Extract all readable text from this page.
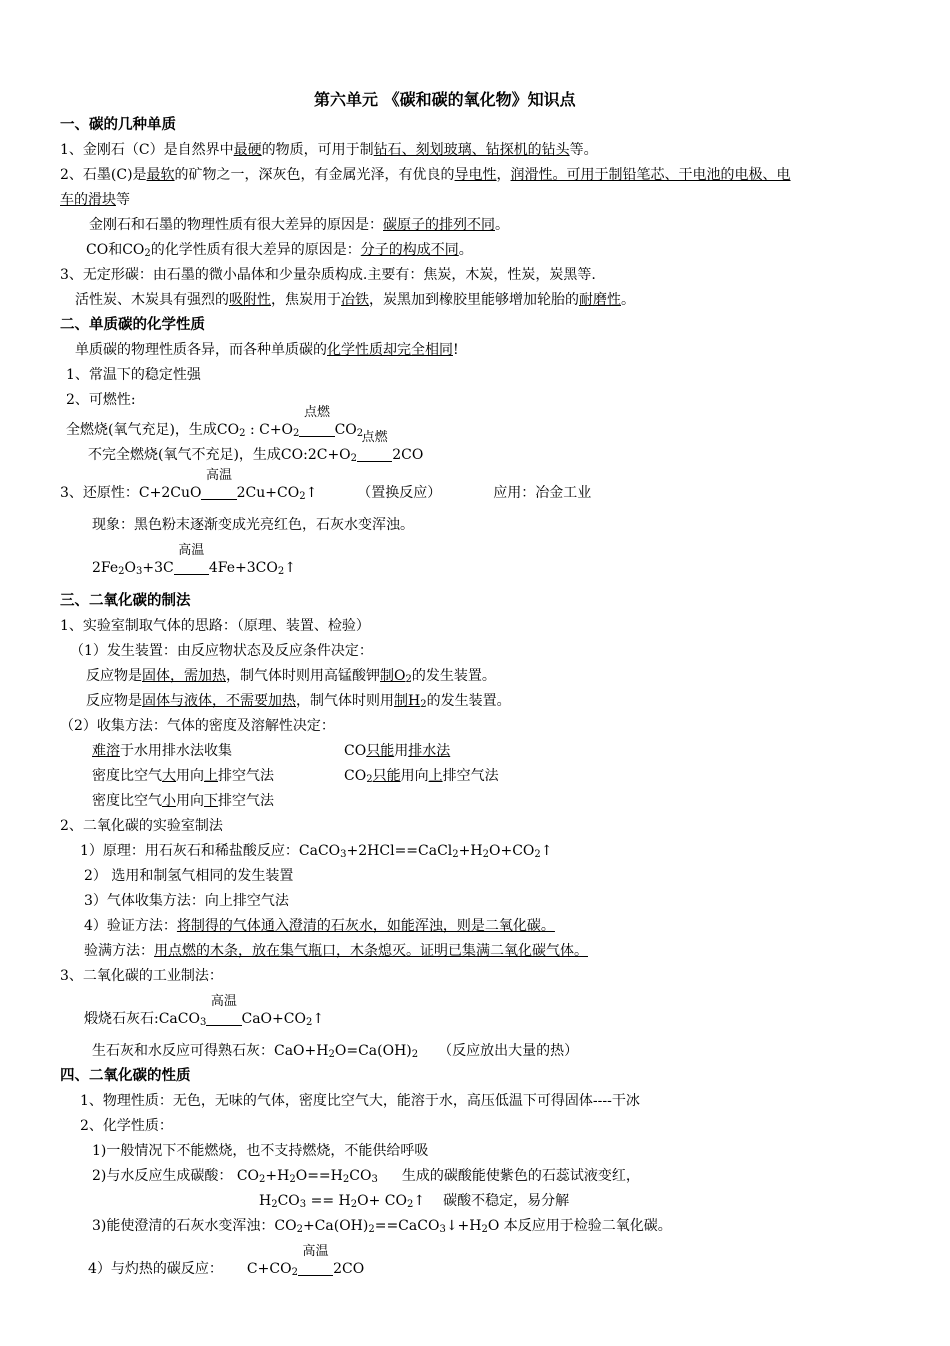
第六单元 《碳和碳的氧化物》知识点
一、碳的几种单质
1、金刚石（C）是自然界中最硬的物质，可用于制钻石、刻划玻璃、钻探机的钻头等。
2、石墨(C)是最软的矿物之一，深灰色，有金属光泽，有优良的导电性，润滑性。可用于制铅笔芯、干电池的电极、电
车的滑块等
金刚石和石墨的物理性质有很大差异的原因是：碳原子的排列不同。
CO和$CO_2$的化学性质有很大差异的原因是：分子的构成不同。
3、无定形碳：由石墨的微小晶体和少量杂质构成.主要有：焦炭，木炭，性炭，炭黑等.
活性炭、木炭具有强烈的吸附性，焦炭用于冶铁，炭黑加到橡胶里能够增加轮胎的耐磨性。
二、单质碳的化学性质
单质碳的物理性质各异，而各种单质碳的化学性质却完全相同!
1、常温下的稳定性强
2、可燃性:
全燃烧(氧气充足)，生成$CO_2$ : $C+O_2$
点燃
$CO_2$
不完全燃烧(氧气不充足)，生成$CO:2C+O_2$
点燃
2CO
3、还原性：C+2CuO
高温
$2Cu+CO_2↑$	（置换反应）	应用：冶金工业
现象：黑色粉末逐渐变成光亮红色，石灰水变浑浊。
$2Fe_2O_3+3C$
高温
$4Fe+3CO_2↑$
三、二氧化碳的制法
1、实验室制取气体的思路：（原理、装置、检验）
（1）发生装置：由反应物状态及反应条件决定：
反应物是固体，需加热，制气体时则用高锰酸钾制$O_2$的发生装置。
反应物是固体与液体，不需要加热，制气体时则用制$H_2$的发生装置。
（2）收集方法：气体的密度及溶解性决定：
难溶于水用排水法收集	CO只能用排水法
密度比空气大用向上排空气法	$CO_2$只能用向上排空气法
密度比空气小用向下排空气法
2、二氧化碳的实验室制法
1）原理：用石灰石和稀盐酸反应：$CaCO_3+2HCl==CaCl_2+H_2O+CO_2↑$
2） 选用和制氢气相同的发生装置
3）气体收集方法：向上排空气法
4）验证方法：将制得的气体通入澄清的石灰水，如能浑浊，则是二氧化碳。
验满方法：用点燃的木条，放在集气瓶口，木条熄灭。证明已集满二氧化碳气体。
3、二氧化碳的工业制法：
煅烧石灰石:CaCO$_3$
高温
$CaO+CO_2↑$
生石灰和水反应可得熟石灰：$CaO+H_2O=Ca(OH)_2$ （反应放出大量的热）
四、二氧化碳的性质
1、物理性质：无色，无味的气体，密度比空气大，能溶于水，高压低温下可得固体----干冰
2、化学性质：
1)一般情况下不能燃烧，也不支持燃烧，不能供给呼吸
2)与水反应生成碳酸： $CO_2+H_2O==H_2CO_3$ 生成的碳酸能使紫色的石蕊试液变红，
$H_2CO_3 == H_2O+$ $CO_2↑$ 碳酸不稳定，易分解
3)能使澄清的石灰水变浑浊：$CO_2+Ca(OH)_2==CaCO_3↓+H_2O$ 本反应用于检验二氧化碳。
4）与灼热的碳反应： $C+CO_2$
高温
2CO
